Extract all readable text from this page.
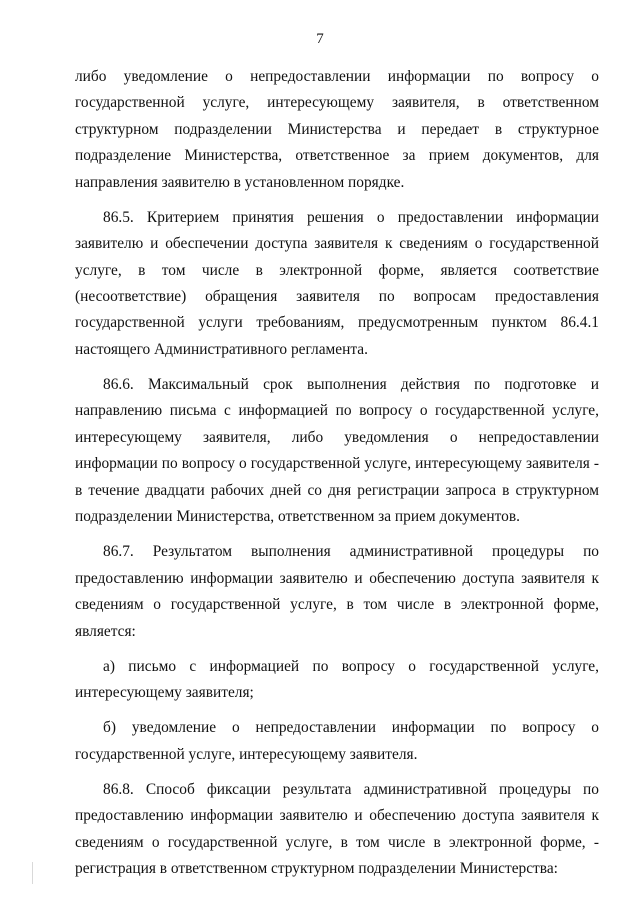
7

либо уведомление о непредоставлении информации по вопросу о государственной услуге, интересующему заявителя, в ответственном структурном подразделении Министерства и передает в структурное подразделение Министерства, ответственное за прием документов, для направления заявителю в установленном порядке.

86.5. Критерием принятия решения о предоставлении информации заявителю и обеспечении доступа заявителя к сведениям о государственной услуге, в том числе в электронной форме, является соответствие (несоответствие) обращения заявителя по вопросам предоставления государственной услуги требованиям, предусмотренным пунктом 86.4.1 настоящего Административного регламента.

86.6. Максимальный срок выполнения действия по подготовке и направлению письма с информацией по вопросу о государственной услуге, интересующему заявителя, либо уведомления о непредоставлении информации по вопросу о государственной услуге, интересующему заявителя - в течение двадцати рабочих дней со дня регистрации запроса в структурном подразделении Министерства, ответственном за прием документов.

86.7. Результатом выполнения административной процедуры по предоставлению информации заявителю и обеспечению доступа заявителя к сведениям о государственной услуге, в том числе в электронной форме, является:

а) письмо с информацией по вопросу о государственной услуге, интересующему заявителя;

б) уведомление о непредоставлении информации по вопросу о государственной услуге, интересующему заявителя.

86.8. Способ фиксации результата административной процедуры по предоставлению информации заявителю и обеспечению доступа заявителя к сведениям о государственной услуге, в том числе в электронной форме, - регистрация в ответственном структурном подразделении Министерства:
